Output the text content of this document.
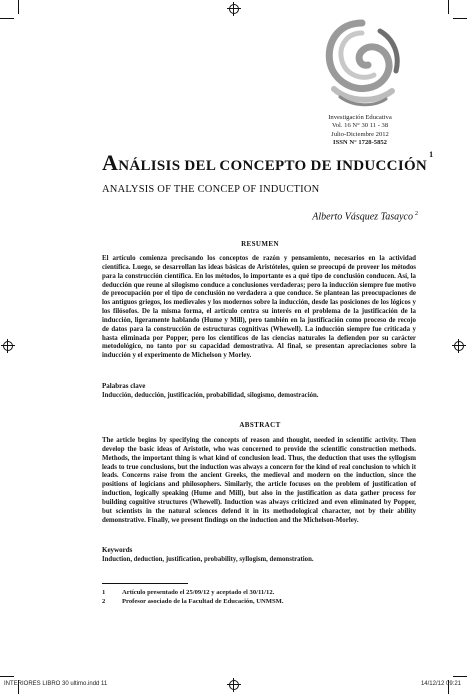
Investigación Educativa
Vol. 16 N° 30 11 - 38
Julio-Diciembre 2012
ISSN N° 1728-5852
ANÁLISIS DEL CONCEPTO DE INDUCCIÓN$^1$
ANALYSIS OF THE CONCEP OF INDUCTION
Alberto Vásquez Tasayco $^2$
RESUMEN

El artículo comienza precisando los conceptos de razón y pensamiento, necesarios en la actividad científica. Luego, se desarrollan las ideas básicas de Aristóteles, quien se preocupó de proveer los métodos para la construcción científica. En los métodos, lo importante es a qué tipo de conclusión conducen. Así, la deducción que reune al silogismo conduce a conclusiones verdaderas; pero la inducción siempre fue motivo de preocupación por el tipo de conclusión no verdadera a que conduce. Se plantean las preocupaciones de los antiguos griegos, los medievales y los modernos sobre la inducción, desde las posiciones de los lógicos y los filósofos. De la misma forma, el artículo centra su interés en el problema de la justificación de la inducción, ligeramente hablando (Hume y Mill), pero también en la justificación como proceso de recojo de datos para la construcción de estructuras cognitivas (Whewell). La inducción siempre fue criticada y hasta eliminada por Popper, pero los científicos de las ciencias naturales la defienden por su carácter metodológico, no tanto por su capacidad demostrativa. Al final, se presentan apreciaciones sobre la inducción y el experimento de Michelson y Morley.

Palabras clave
Inducción, deducción, justificación, probabilidad, silogismo, demostración.
ABSTRACT

The article begins by specifying the concepts of reason and thought, needed in scientific activity. Then develop the basic ideas of Aristotle, who was concerned to provide the scientific construction methods. Methods, the important thing is what kind of conclusion lead. Thus, the deduction that uses the syllogism leads to true conclusions, but the induction was always a concern for the kind of real conclusion to which it leads. Concerns raise from the ancient Greeks, the medieval and modern on the induction, since the positions of logicians and philosophers. Similarly, the article focuses on the problem of justification of induction, logically speaking (Hume and Mill), but also in the justification as data gather process for building cognitive structures (Whewell). Induction was always criticized and even eliminated by Popper, but scientists in the natural sciences defend it in its methodological character, not by their ability demonstrative. Finally, we present findings on the induction and the Michelson-Morley.

Keywords
Induction, deduction, justification, probability, syllogism, demonstration.
1	Artículo presentado el 25/09/12 y aceptado el 30/11/12.
2	Profesor asociado de la Facultad de Educación, UNMSM.
INTERIORES LIBRO 30 ultimo.indd 11	14/12/12 09:21
